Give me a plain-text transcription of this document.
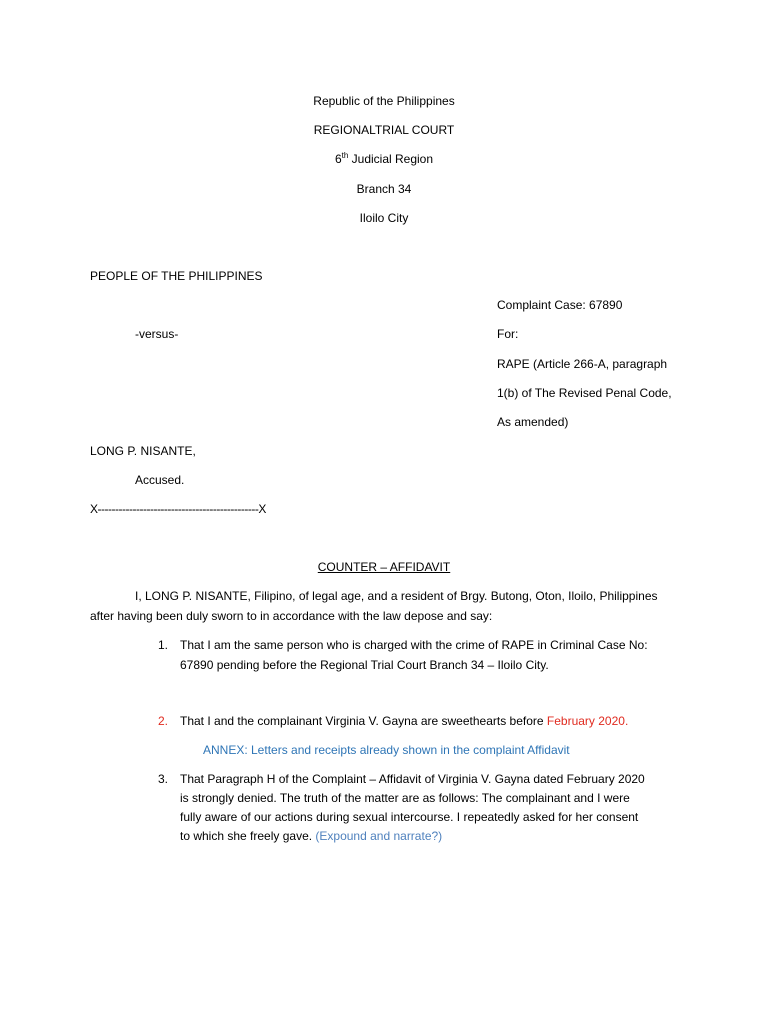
Republic of the Philippines
REGIONALTRIAL COURT
6th Judicial Region
Branch 34
Iloilo City
PEOPLE OF THE PHILIPPINES
Complaint Case: 67890
-versus-	For:
RAPE (Article 266-A, paragraph
1(b) of The Revised Penal Code,
As amended)
LONG P. NISANTE,
Accused.
X----------------------------------------------X
COUNTER – AFFIDAVIT
I, LONG P. NISANTE, Filipino, of legal age, and a resident of Brgy. Butong, Oton, Iloilo, Philippines
after having been duly sworn to in accordance with the law depose and say:
1. That I am the same person who is charged with the crime of RAPE in Criminal Case No:
67890 pending before the Regional Trial Court Branch 34 – Iloilo City.
2. That I and the complainant Virginia V. Gayna are sweethearts before February 2020.
ANNEX: Letters and receipts already shown in the complaint Affidavit
3. That Paragraph H of the Complaint – Affidavit of Virginia V. Gayna dated February 2020
is strongly denied. The truth of the matter are as follows: The complainant and I were
fully aware of our actions during sexual intercourse. I repeatedly asked for her consent
to which she freely gave. (Expound and narrate?)
